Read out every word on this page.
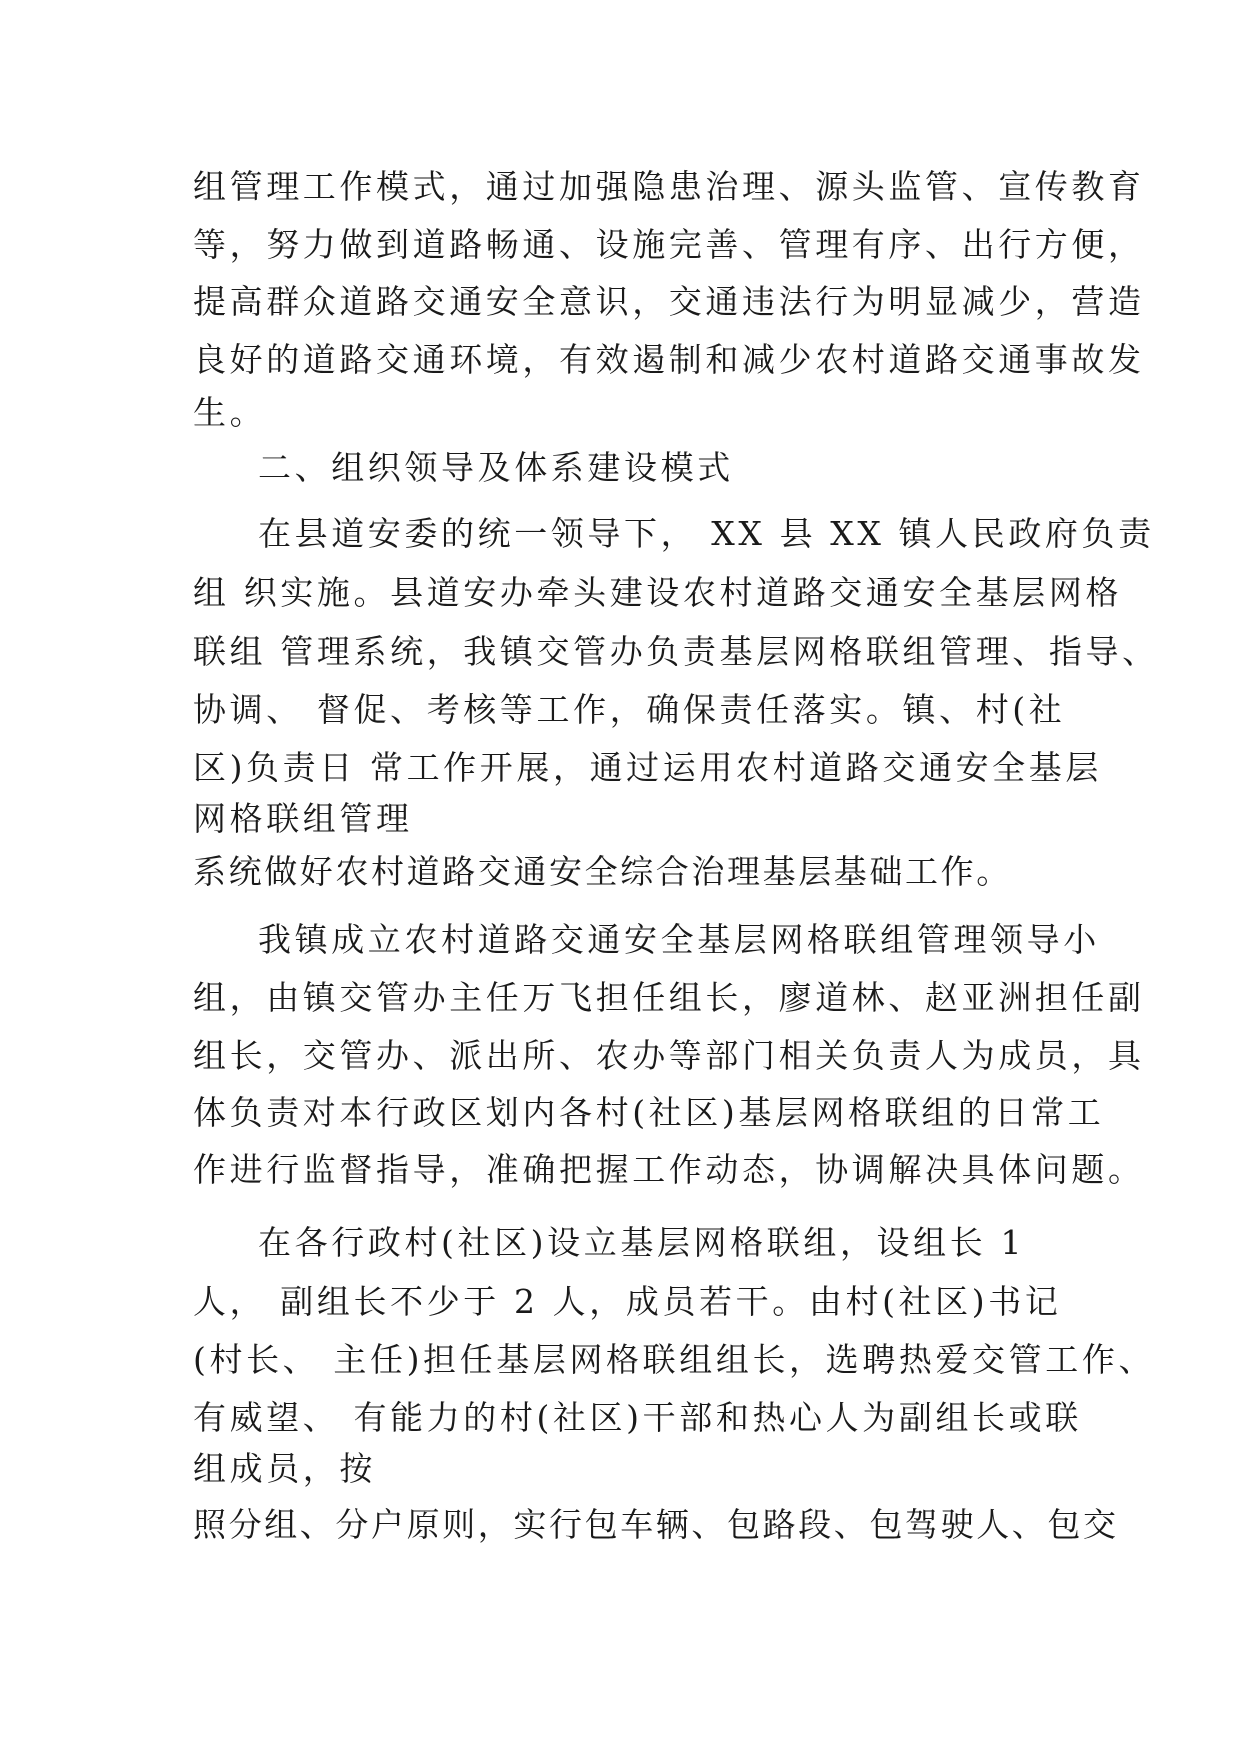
组管理工作模式，通过加强隐患治理、源头监管、宣传教育

等，努力做到道路畅通、设施完善、管理有序、出行方便，

提高群众道路交通安全意识，交通违法行为明显减少，营造

良好的道路交通环境，有效遏制和减少农村道路交通事故发

生。

二、组织领导及体系建设模式

在县道安委的统一领导下， XX 县 XX 镇人民政府负责

组 织实施。县道安办牵头建设农村道路交通安全基层网格

联组 管理系统，我镇交管办负责基层网格联组管理、指导、

协调、 督促、考核等工作，确保责任落实。镇、村(社

区)负责日 常工作开展，通过运用农村道路交通安全基层

网格联组管理

系统做好农村道路交通安全综合治理基层基础工作。

我镇成立农村道路交通安全基层网格联组管理领导小

组，由镇交管办主任万飞担任组长，廖道林、赵亚洲担任副

组长，交管办、派出所、农办等部门相关负责人为成员，具

体负责对本行政区划内各村(社区)基层网格联组的日常工

作进行监督指导，准确把握工作动态，协调解决具体问题。

在各行政村(社区)设立基层网格联组，设组长 1

人， 副组长不少于 2 人，成员若干。由村(社区)书记

(村长、 主任)担任基层网格联组组长，选聘热爱交管工作、

有威望、 有能力的村(社区)干部和热心人为副组长或联

组成员，按

照分组、分户原则，实行包车辆、包路段、包驾驶人、包交
